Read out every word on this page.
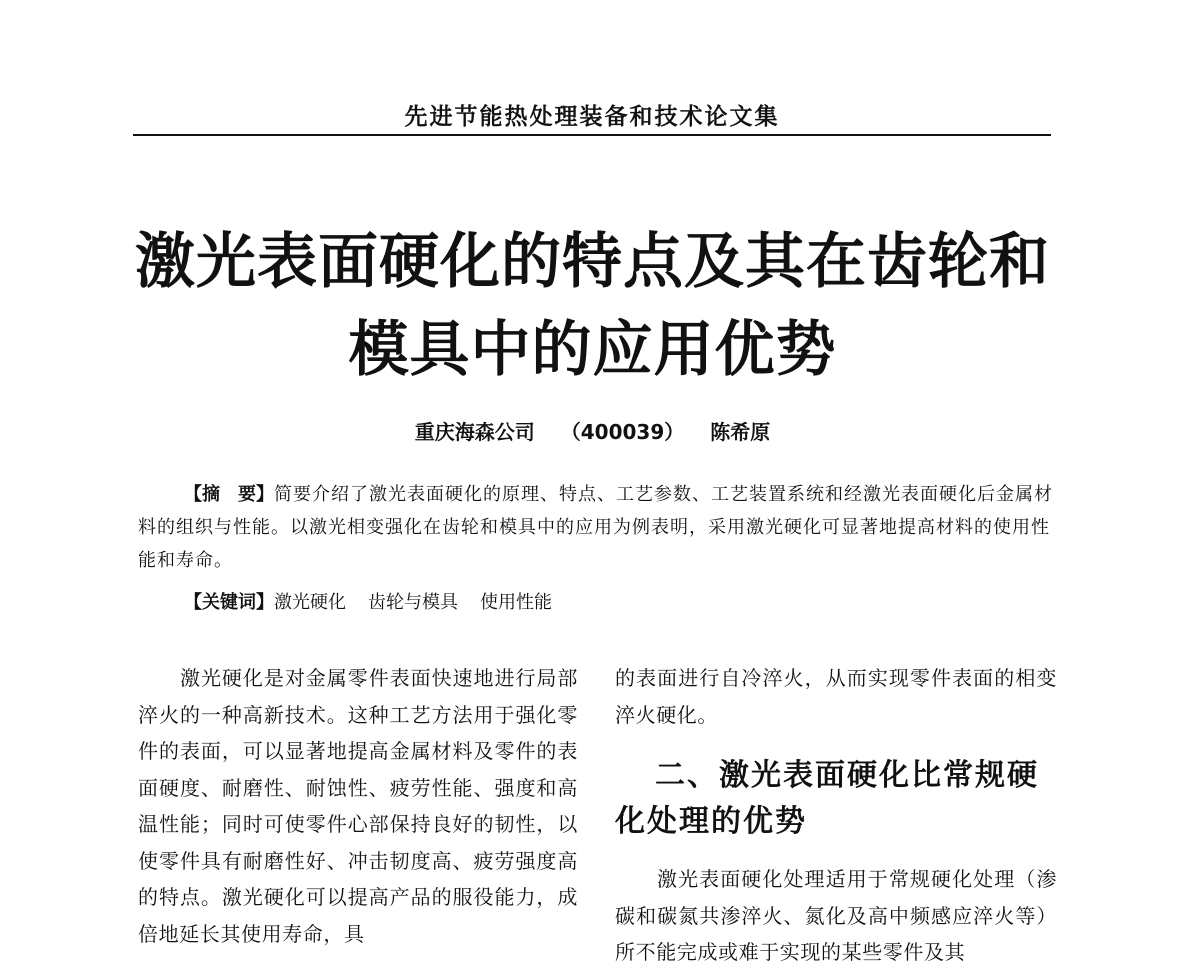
先进节能热处理装备和技术论文集
激光表面硬化的特点及其在齿轮和
模具中的应用优势
重庆海森公司 （400039） 陈希原

【摘　要】简要介绍了激光表面硬化的原理、特点、工艺参数、工艺装置系统和经激光表面硬化后金属材料的组织与性能。以激光相变强化在齿轮和模具中的应用为例表明，采用激光硬化可显著地提高材料的使用性能和寿命。

【关键词】激光硬化 齿轮与模具 使用性能

激光硬化是对金属零件表面快速地进行局部淬火的一种高新技术。这种工艺方法用于强化零件的表面，可以显著地提高金属材料及零件的表面硬度、耐磨性、耐蚀性、疲劳性能、强度和高温性能；同时可使零件心部保持良好的韧性，以使零件具有耐磨性好、冲击韧度高、疲劳强度高的特点。激光硬化可以提高产品的服役能力，成倍地延长其使用寿命，具

的表面进行自冷淬火，从而实现零件表面的相变淬火硬化。

二、激光表面硬化比常规硬化处理的优势

激光表面硬化处理适用于常规硬化处理（渗碳和碳氮共渗淬火、氮化及高中频感应淬火等）所不能完成或难于实现的某些零件及其
